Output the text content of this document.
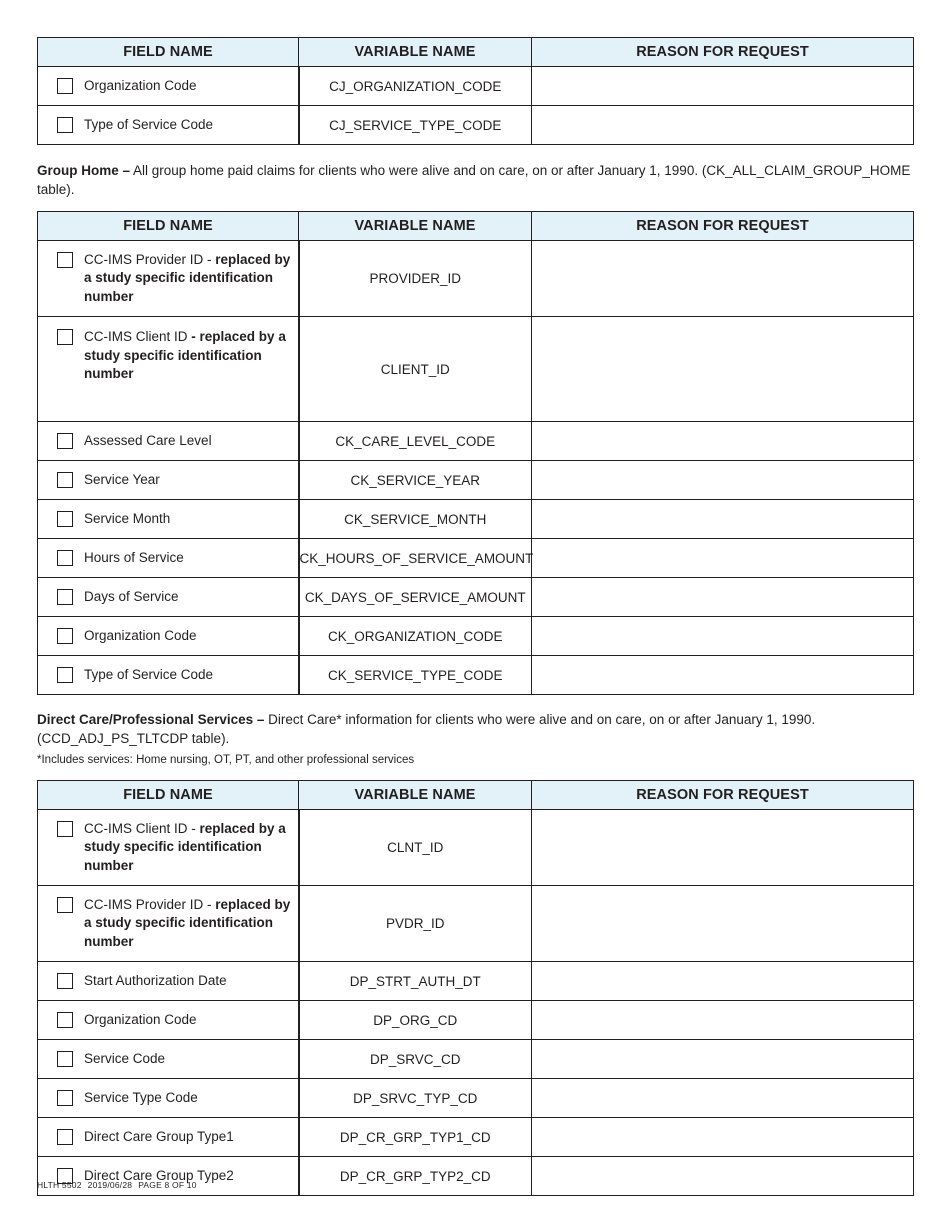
FIELD NAME	VARIABLE NAME	REASON FOR REQUEST

Organization Code	CJ_ORGANIZATION_CODE	

Type of Service Code	CJ_SERVICE_TYPE_CODE	

Group Home – All group home paid claims for clients who were alive and on care, on or after January 1, 1990. (CK_ALL_CLAIM_GROUP_HOME table).

FIELD NAME	VARIABLE NAME	REASON FOR REQUEST

CC-IMS Provider ID - replaced by a study specific identification number	PROVIDER_ID	

CC-IMS Client ID - replaced by a study specific identification number	CLIENT_ID	

Assessed Care Level	CK_CARE_LEVEL_CODE	

Service Year	CK_SERVICE_YEAR	

Service Month	CK_SERVICE_MONTH	

Hours of Service	CK_HOURS_OF_SERVICE_AMOUNT	

Days of Service	CK_DAYS_OF_SERVICE_AMOUNT	

Organization Code	CK_ORGANIZATION_CODE	

Type of Service Code	CK_SERVICE_TYPE_CODE	

Direct Care/Professional Services – Direct Care* information for clients who were alive and on care, on or after January 1, 1990. (CCD_ADJ_PS_TLTCDP table).

*Includes services: Home nursing, OT, PT, and other professional services

FIELD NAME	VARIABLE NAME	REASON FOR REQUEST

CC-IMS Client ID - replaced by a study specific identification number	CLNT_ID	

CC-IMS Provider ID - replaced by a study specific identification number	PVDR_ID	

Start Authorization Date	DP_STRT_AUTH_DT	

Organization Code	DP_ORG_CD	

Service Code	DP_SRVC_CD	

Service Type Code	DP_SRVC_TYP_CD	

Direct Care Group Type1	DP_CR_GRP_TYP1_CD	

Direct Care Group Type2	DP_CR_GRP_TYP2_CD	
HLTH 5502 2019/06/28 PAGE 8 OF 10
